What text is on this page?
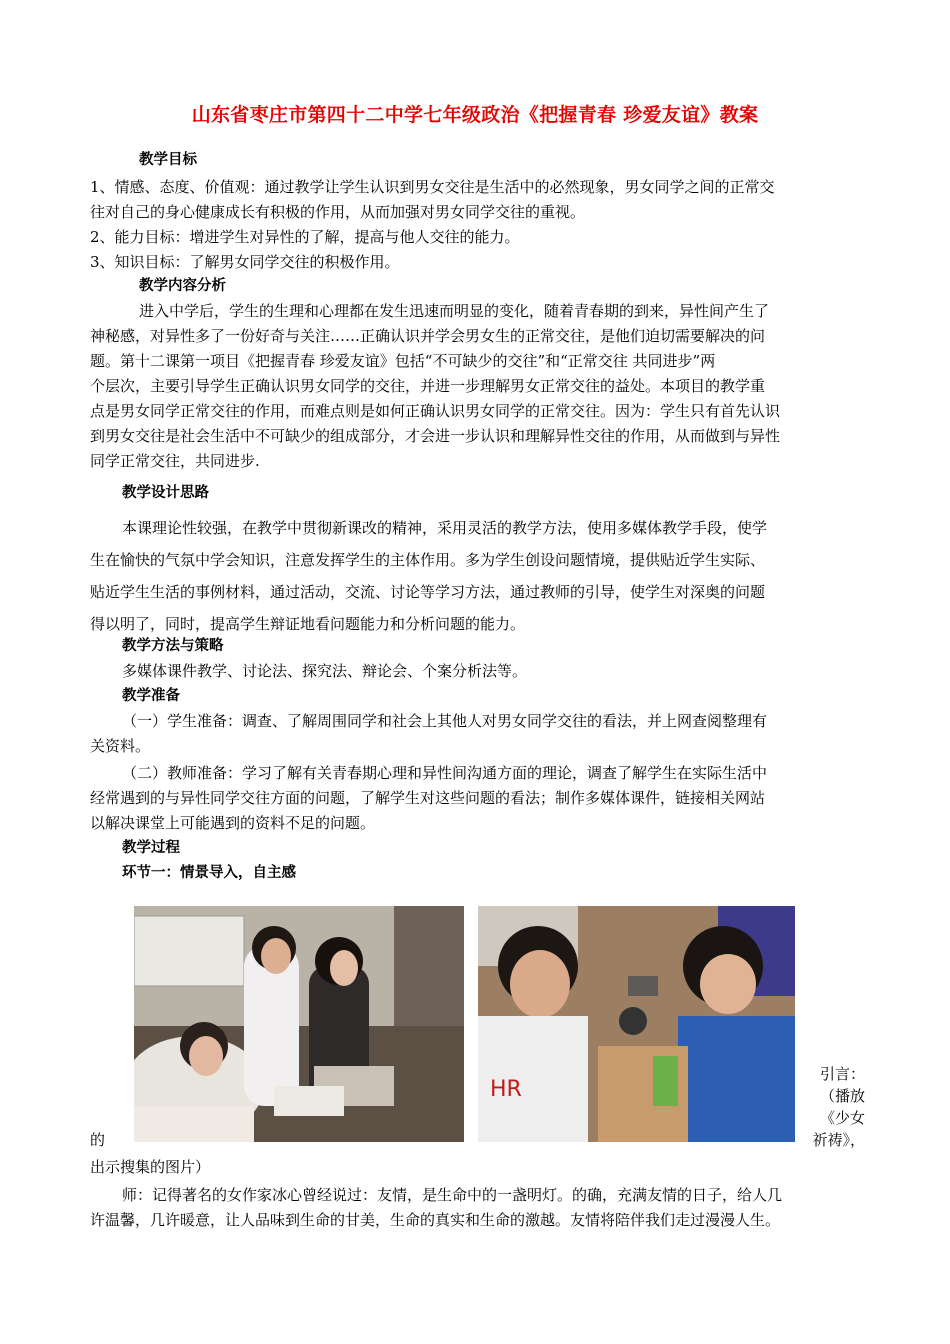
山东省枣庄市第四十二中学七年级政治《把握青春 珍爱友谊》教案
教学目标
1、情感、态度、价值观：通过教学让学生认识到男女交往是生活中的必然现象，男女同学之间的正常交
往对自己的身心健康成长有积极的作用，从而加强对男女同学交往的重视。
2、能力目标：增进学生对异性的了解，提高与他人交往的能力。
3、知识目标：了解男女同学交往的积极作用。
教学内容分析

进入中学后，学生的生理和心理都在发生迅速而明显的变化，随着青春期的到来，异性间产生了

神秘感，对异性多了一份好奇与关注……正确认识并学会男女生的正常交往，是他们迫切需要解决的问

题。第十二课第一项目《把握青春 珍爱友谊》包括“不可缺少的交往”和“正常交往 共同进步”两

个层次，主要引导学生正确认识男女同学的交往，并进一步理解男女正常交往的益处。本项目的教学重

点是男女同学正常交往的作用，而难点则是如何正确认识男女同学的正常交往。因为：学生只有首先认识

到男女交往是社会生活中不可缺少的组成部分，才会进一步认识和理解异性交往的作用，从而做到与异性

同学正常交往，共同进步.

教学设计思路

本课理论性较强，在教学中贯彻新课改的精神，采用灵活的教学方法，使用多媒体教学手段，使学

生在愉快的气氛中学会知识，注意发挥学生的主体作用。多为学生创设问题情境，提供贴近学生实际、

贴近学生生活的事例材料，通过活动，交流、讨论等学习方法，通过教师的引导，使学生对深奥的问题

得以明了，同时，提高学生辩证地看问题能力和分析问题的能力。

教学方法与策略
多媒体课件教学、讨论法、探究法、辩论会、个案分析法等。
教学准备
（一）学生准备：调查、了解周围同学和社会上其他人对男女同学交往的看法，并上网查阅整理有
关资料。
（二）教师准备：学习了解有关青春期心理和异性间沟通方面的理论，调查了解学生在实际生活中
经常遇到的与异性同学交往方面的问题，了解学生对这些问题的看法；制作多媒体课件，链接相关网站
以解决课堂上可能遇到的资料不足的问题。
教学过程
环节一：情景导入，自主感
HR
引言：
（播放
《少女
祈祷》，
的
出示搜集的图片）
师：记得著名的女作家冰心曾经说过：友情，是生命中的一盏明灯。的确，充满友情的日子，给人几
许温馨，几许暖意，让人品味到生命的甘美，生命的真实和生命的激越。友情将陪伴我们走过漫漫人生。
